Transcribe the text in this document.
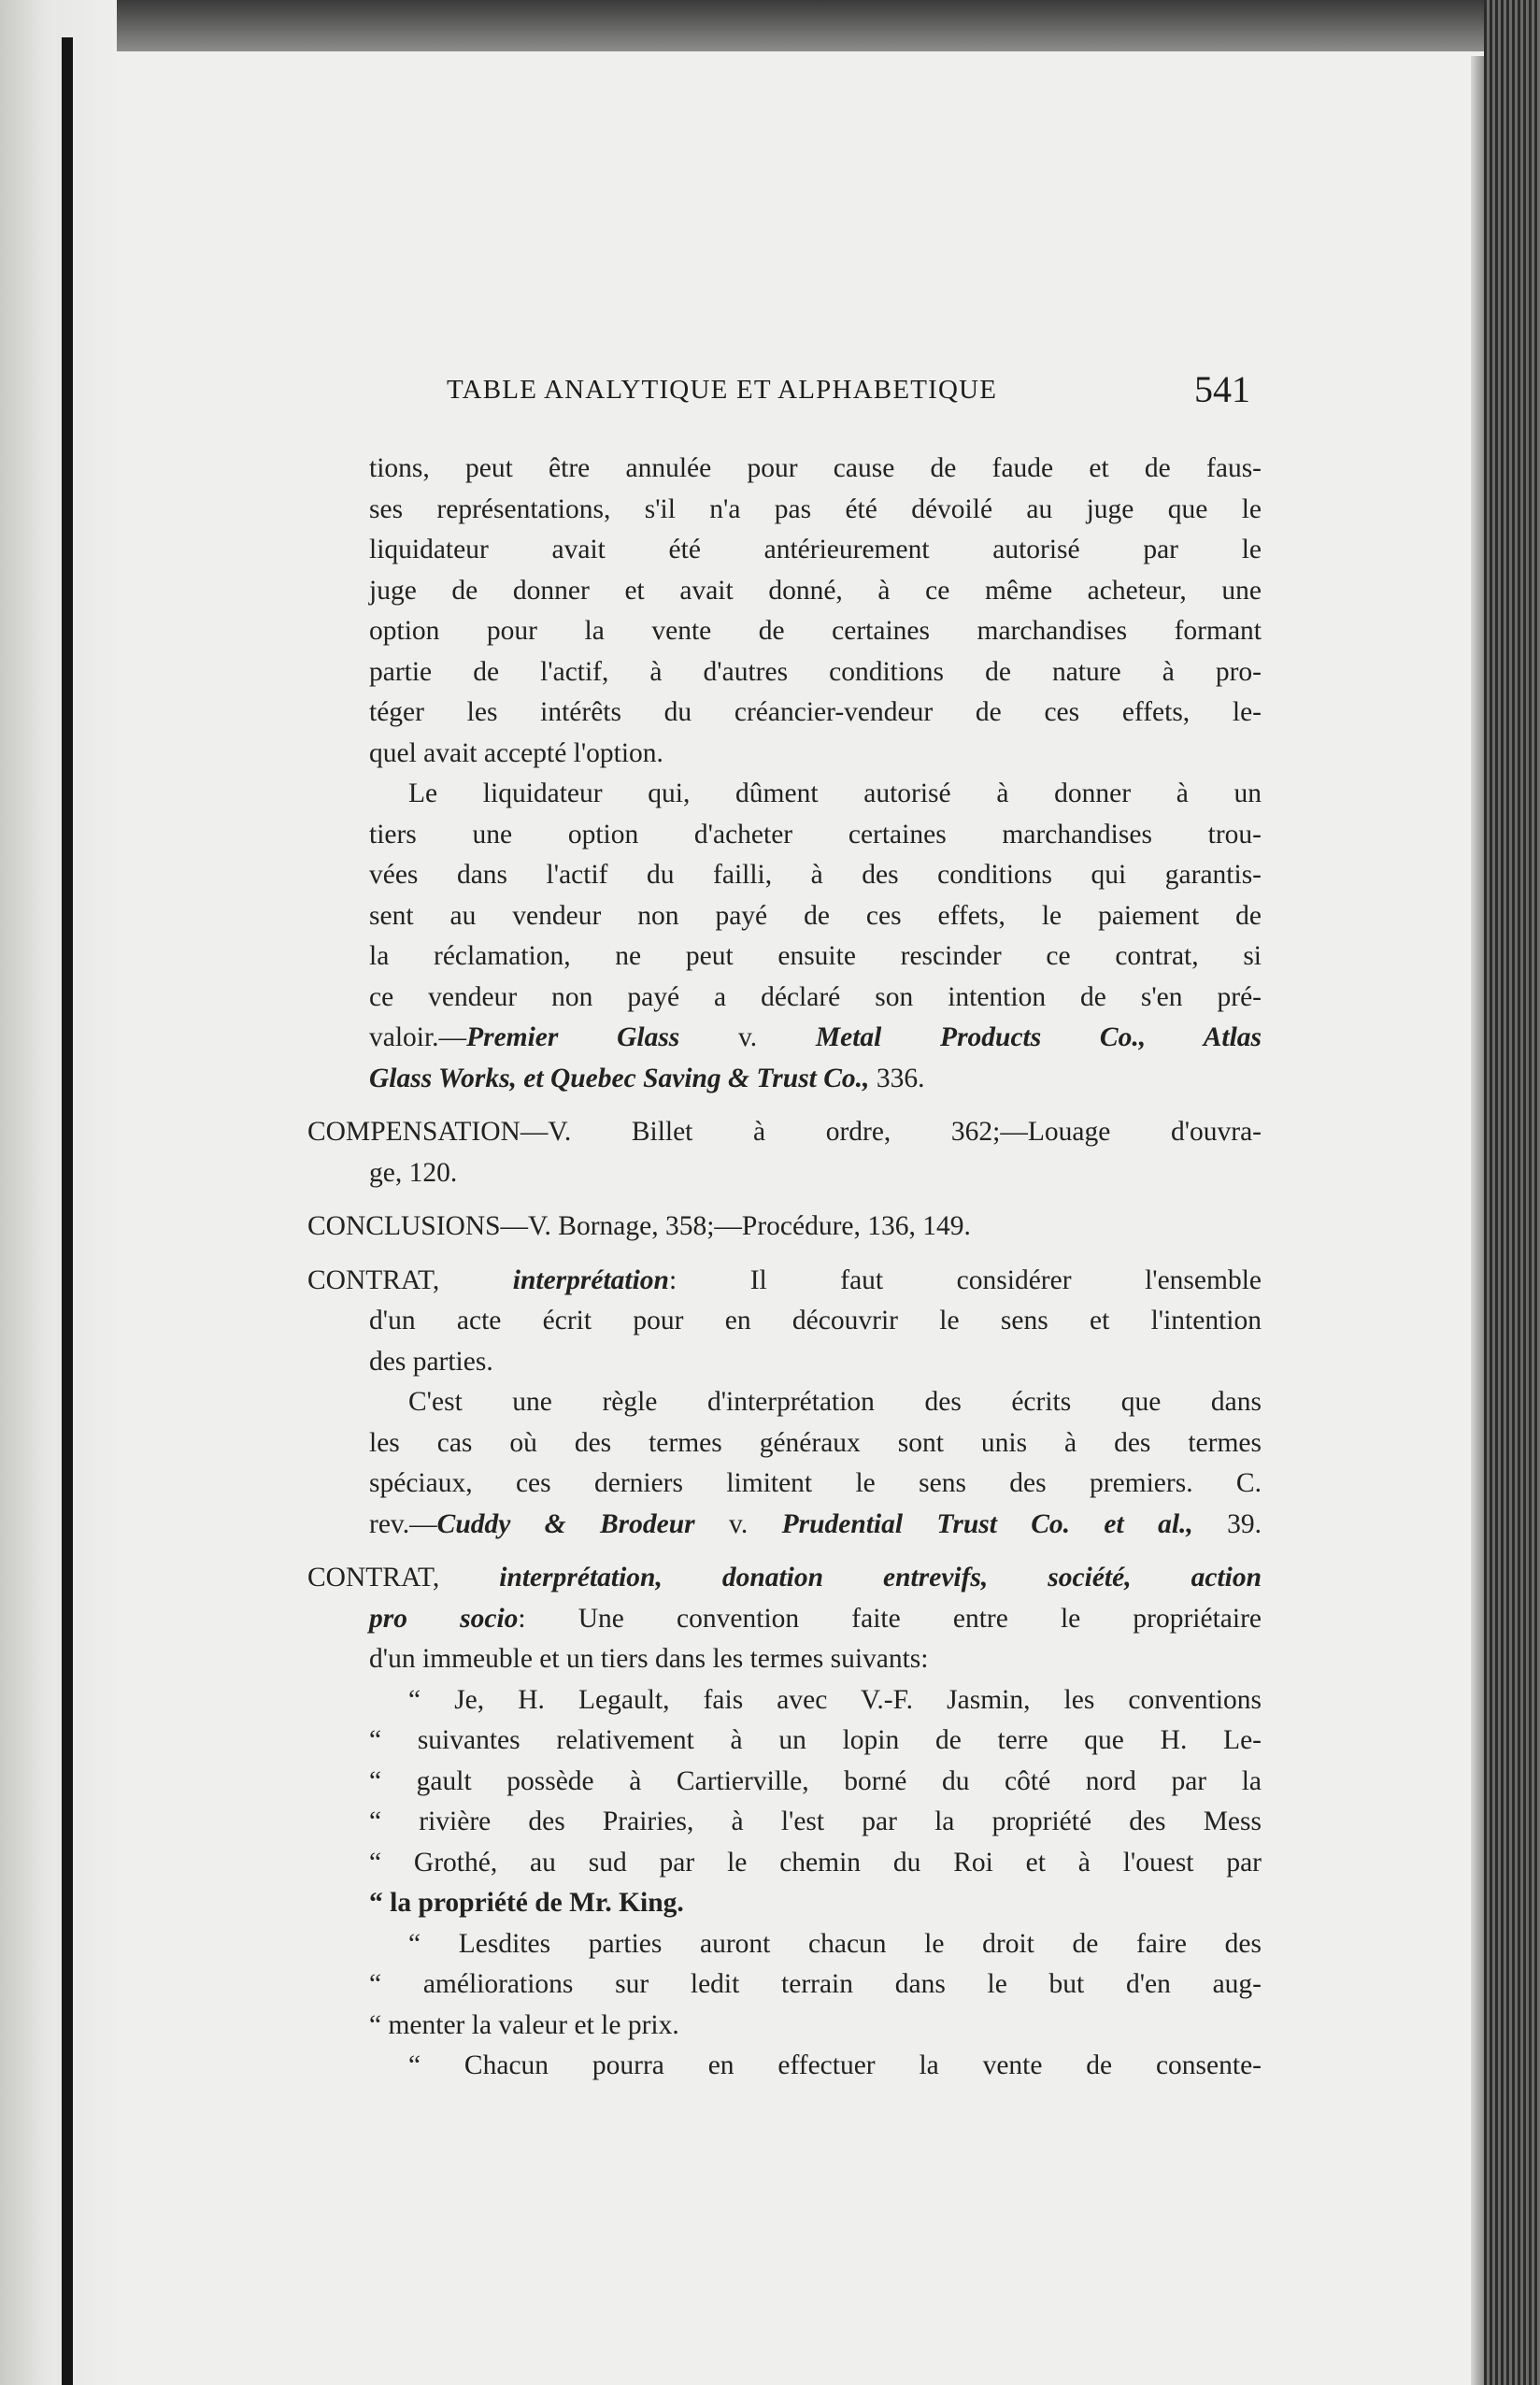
TABLE ANALYTIQUE ET ALPHABETIQUE	541
tions, peut être annulée pour cause de faude et de faus-
ses représentations, s'il n'a pas été dévoilé au juge que le
liquidateur avait été antérieurement autorisé par le
juge de donner et avait donné, à ce même acheteur, une
option pour la vente de certaines marchandises formant
partie de l'actif, à d'autres conditions de nature à pro-
téger les intérêts du créancier-vendeur de ces effets, le-
quel avait accepté l'option.
Le liquidateur qui, dûment autorisé à donner à un
tiers une option d'acheter certaines marchandises trou-
vées dans l'actif du failli, à des conditions qui garantis-
sent au vendeur non payé de ces effets, le paiement de
la réclamation, ne peut ensuite rescinder ce contrat, si
ce vendeur non payé a déclaré son intention de s'en pré-
valoir.—Premier Glass v. Metal Products Co., Atlas
Glass Works, et Quebec Saving & Trust Co., 336.
COMPENSATION—V. Billet à ordre, 362;—Louage d'ouvra-
ge, 120.
CONCLUSIONS—V. Bornage, 358;—Procédure, 136, 149.
CONTRAT, interprétation: Il faut considérer l'ensemble
d'un acte écrit pour en découvrir le sens et l'intention
des parties.
C'est une règle d'interprétation des écrits que dans
les cas où des termes généraux sont unis à des termes
spéciaux, ces derniers limitent le sens des premiers. C.
rev.—Cuddy & Brodeur v. Prudential Trust Co. et al., 39.
CONTRAT, interprétation, donation entrevifs, société, action
pro socio: Une convention faite entre le propriétaire
d'un immeuble et un tiers dans les termes suivants:
“ Je, H. Legault, fais avec V.-F. Jasmin, les conventions
“ suivantes relativement à un lopin de terre que H. Le-
“ gault possède à Cartierville, borné du côté nord par la
“ rivière des Prairies, à l'est par la propriété des Mess
“ Grothé, au sud par le chemin du Roi et à l'ouest par
“ la propriété de Mr. King.
“ Lesdites parties auront chacun le droit de faire des
“ améliorations sur ledit terrain dans le but d'en aug-
“ menter la valeur et le prix.
“ Chacun pourra en effectuer la vente de consente-
